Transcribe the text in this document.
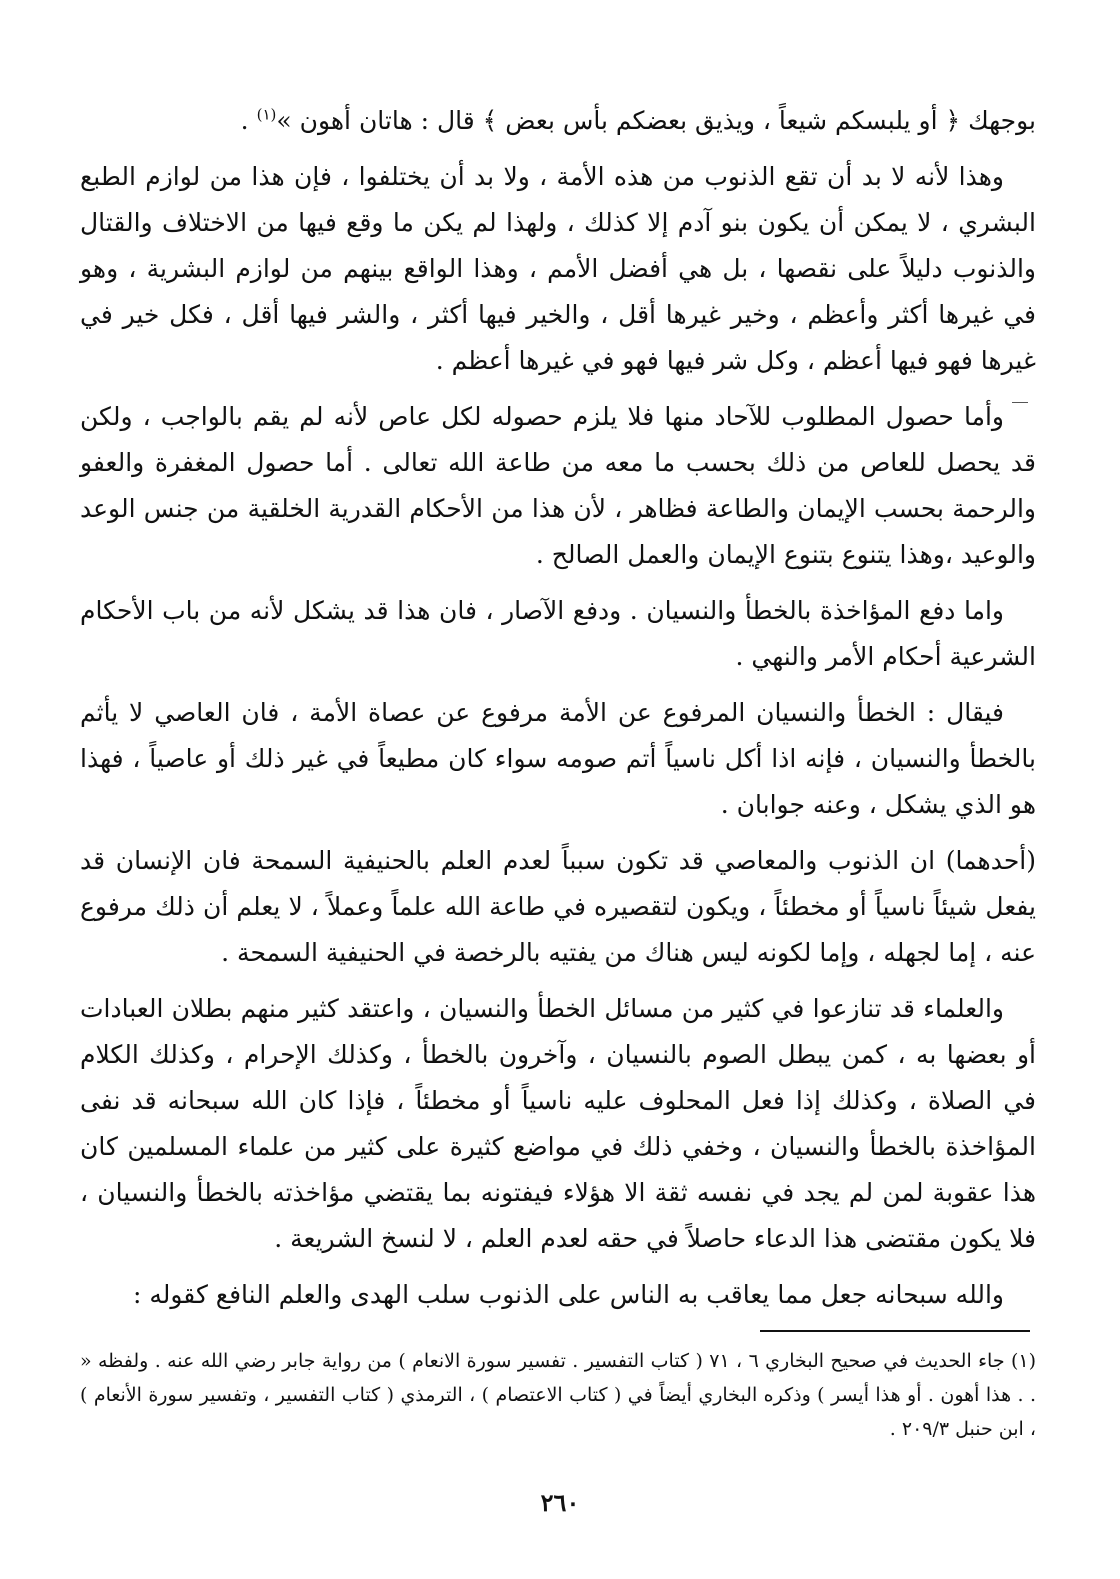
بوجهك ﴿ أو يلبسكم شيعاً ، ويذيق بعضكم بأس بعض ﴾ قال : هاتان أهون »$^{(١)}$ .

وهذا لأنه لا بد أن تقع الذنوب من هذه الأمة ، ولا بد أن يختلفوا ، فإن هذا من لوازم الطبع البشري ، لا يمكن أن يكون بنو آدم إلا كذلك ، ولهذا لم يكن ما وقع فيها من الاختلاف والقتال والذنوب دليلاً على نقصها ، بل هي أفضل الأمم ، وهذا الواقع بينهم من لوازم البشرية ، وهو في غيرها أكثر وأعظم ، وخير غيرها أقل ، والخير فيها أكثر ، والشر فيها أقل ، فكل خير في غيرها فهو فيها أعظم ، وكل شر فيها فهو في غيرها أعظم .

وأما حصول المطلوب للآحاد منها فلا يلزم حصوله لكل عاص لأنه لم يقم بالواجب ، ولكن قد يحصل للعاص من ذلك بحسب ما معه من طاعة الله تعالى . أما حصول المغفرة والعفو والرحمة بحسب الإيمان والطاعة فظاهر ، لأن هذا من الأحكام القدرية الخلقية من جنس الوعد والوعيد ،وهذا يتنوع بتنوع الإيمان والعمل الصالح .

واما دفع المؤاخذة بالخطأ والنسيان . ودفع الآصار ، فان هذا قد يشكل لأنه من باب الأحكام الشرعية أحكام الأمر والنهي .

فيقال : الخطأ والنسيان المرفوع عن الأمة مرفوع عن عصاة الأمة ، فان العاصي لا يأثم بالخطأ والنسيان ، فإنه اذا أكل ناسياً أتم صومه سواء كان مطيعاً في غير ذلك أو عاصياً ، فهذا هو الذي يشكل ، وعنه جوابان .

(أحدهما) ان الذنوب والمعاصي قد تكون سبباً لعدم العلم بالحنيفية السمحة فان الإنسان قد يفعل شيئاً ناسياً أو مخطئاً ، ويكون لتقصيره في طاعة الله علماً وعملاً ، لا يعلم أن ذلك مرفوع عنه ، إما لجهله ، وإما لكونه ليس هناك من يفتيه بالرخصة في الحنيفية السمحة .

والعلماء قد تنازعوا في كثير من مسائل الخطأ والنسيان ، واعتقد كثير منهم بطلان العبادات أو بعضها به ، كمن يبطل الصوم بالنسيان ، وآخرون بالخطأ ، وكذلك الإحرام ، وكذلك الكلام في الصلاة ، وكذلك إذا فعل المحلوف عليه ناسياً أو مخطئاً ، فإذا كان الله سبحانه قد نفى المؤاخذة بالخطأ والنسيان ، وخفي ذلك في مواضع كثيرة على كثير من علماء المسلمين كان هذا عقوبة لمن لم يجد في نفسه ثقة الا هؤلاء فيفتونه بما يقتضي مؤاخذته بالخطأ والنسيان ، فلا يكون مقتضى هذا الدعاء حاصلاً في حقه لعدم العلم ، لا لنسخ الشريعة .

والله سبحانه جعل مما يعاقب به الناس على الذنوب سلب الهدى والعلم النافع كقوله :

(١) جاء الحديث في صحيح البخاري ٦ ، ٧١ ( كتاب التفسير . تفسير سورة الانعام ) من رواية جابر رضي الله عنه . ولفظه « . . هذا أهون . أو هذا أيسر ) وذكره البخاري أيضاً في ( كتاب الاعتصام ) ، الترمذي ( كتاب التفسير ، وتفسير سورة الأنعام ) ، ابن حنبل ٢٠٩/٣ .
٢٦٠
